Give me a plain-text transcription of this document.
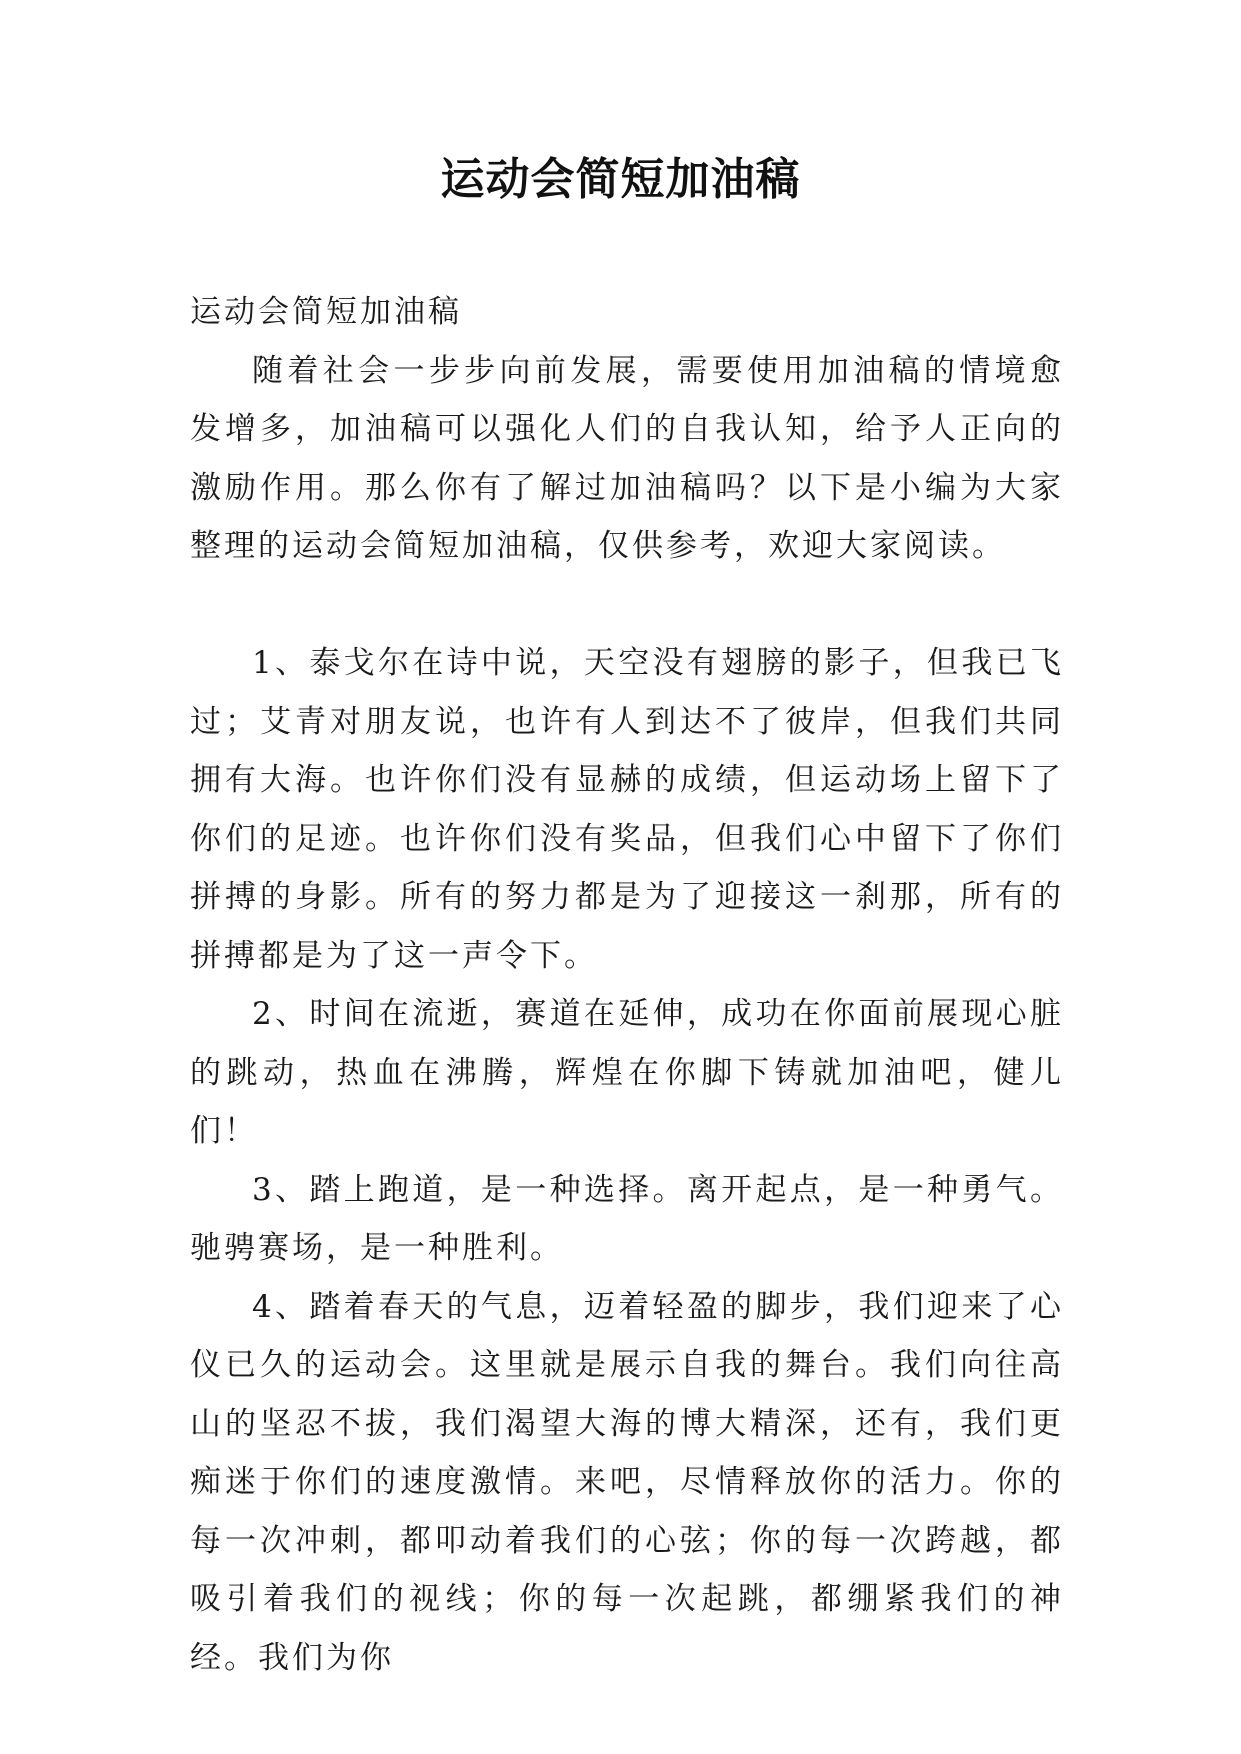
运动会简短加油稿

运动会简短加油稿

随着社会一步步向前发展，需要使用加油稿的情境愈发增多，加油稿可以强化人们的自我认知，给予人正向的激励作用。那么你有了解过加油稿吗？以下是小编为大家整理的运动会简短加油稿，仅供参考，欢迎大家阅读。

1、泰戈尔在诗中说，天空没有翅膀的影子，但我已飞过；艾青对朋友说，也许有人到达不了彼岸，但我们共同拥有大海。也许你们没有显赫的成绩，但运动场上留下了你们的足迹。也许你们没有奖品，但我们心中留下了你们拼搏的身影。所有的努力都是为了迎接这一刹那，所有的拼搏都是为了这一声令下。

2、时间在流逝，赛道在延伸，成功在你面前展现心脏的跳动，热血在沸腾，辉煌在你脚下铸就加油吧，健儿们！

3、踏上跑道，是一种选择。离开起点，是一种勇气。驰骋赛场，是一种胜利。

4、踏着春天的气息，迈着轻盈的脚步，我们迎来了心仪已久的运动会。这里就是展示自我的舞台。我们向往高山的坚忍不拔，我们渴望大海的博大精深，还有，我们更痴迷于你们的速度激情。来吧，尽情释放你的活力。你的每一次冲刺，都叩动着我们的心弦；你的每一次跨越，都吸引着我们的视线；你的每一次起跳，都绷紧我们的神经。我们为你
